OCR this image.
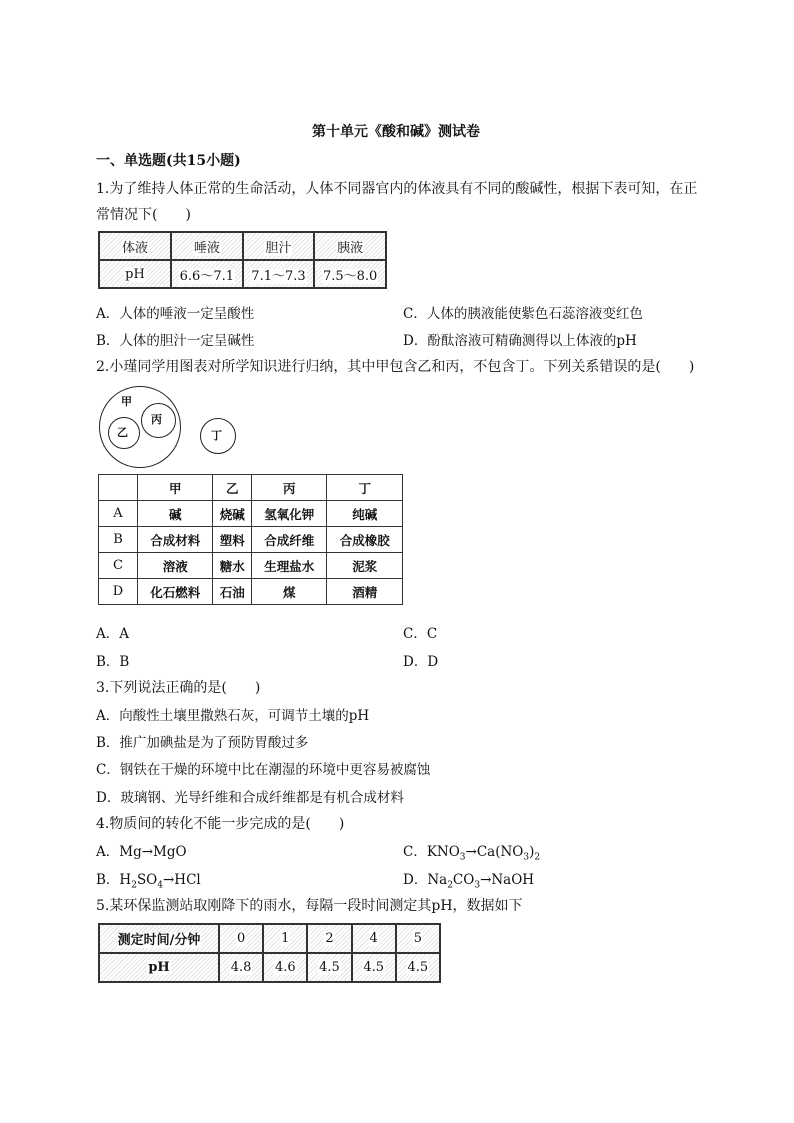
第十单元《酸和碱》测试卷
一、单选题(共15小题)
1.为了维持人体正常的生命活动，人体不同器官内的体液具有不同的酸碱性，根据下表可知，在正
常情况下(　　)
体液	唾液	胆汁	胰液
pH	6.6～7.1	7.1～7.3	7.5～8.0
A．人体的唾液一定呈酸性	C．人体的胰液能使紫色石蕊溶液变红色
B．人体的胆汁一定呈碱性	D．酚酞溶液可精确测得以上体液的pH
2.小瑾同学用图表对所学知识进行归纳，其中甲包含乙和丙，不包含丁。下列关系错误的是(　　)
甲
乙
丙
丁
	甲	乙	丙	丁
A	碱	烧碱	氢氧化钾	纯碱
B	合成材料	塑料	合成纤维	合成橡胶
C	溶液	糖水	生理盐水	泥浆
D	化石燃料	石油	煤	酒精
A．A	C．C
B．B	D．D
3.下列说法正确的是(　　)
A．向酸性土壤里撒熟石灰，可调节土壤的pH
B．推广加碘盐是为了预防胃酸过多
C．钢铁在干燥的环境中比在潮湿的环境中更容易被腐蚀
D．玻璃钢、光导纤维和合成纤维都是有机合成材料
4.物质间的转化不能一步完成的是(　　)
A．Mg→MgO	C．$KNO_3\to Ca(NO_3)_2$
B．$H_2SO_4\to HCl$	D．$Na_2CO_3\to NaOH$
5.某环保监测站取刚降下的雨水，每隔一段时间测定其pH，数据如下
测定时间/分钟	0	1	2	4	5
pH	4.8	4.6	4.5	4.5	4.5
